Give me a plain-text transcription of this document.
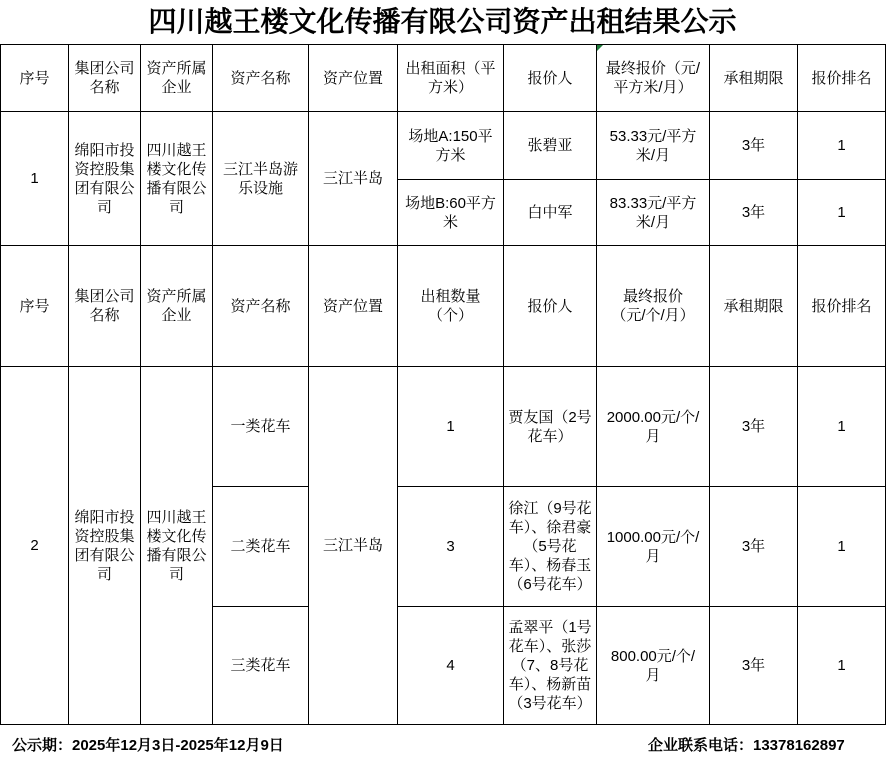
四川越王楼文化传播有限公司资产出租结果公示
序号	集团公司名称	资产所属企业	资产名称	资产位置	出租面积（平方米）	报价人	最终报价（元/平方米/月）	承租期限	报价排名
1	绵阳市投资控股集团有限公司	四川越王楼文化传播有限公司	三江半岛游乐设施	三江半岛	场地A:150平方米	张碧亚	53.33元/平方米/月	3年	1
					场地B:60平方米	白中军	83.33元/平方米/月	3年	1
序号	集团公司名称	资产所属企业	资产名称	资产位置	出租数量（个）	报价人	最终报价（元/个/月）	承租期限	报价排名
2	绵阳市投资控股集团有限公司	四川越王楼文化传播有限公司	一类花车	三江半岛	1	贾友国（2号花车）	2000.00元/个/月	3年	1
			二类花车		3	徐江（9号花车）、徐君豪（5号花车）、杨春玉（6号花车）	1000.00元/个/月	3年	1
			三类花车		4	孟翠平（1号花车）、张莎（7、8号花车）、杨新苗（3号花车）	800.00元/个/月	3年	1
公示期：2025年12月3日-2025年12月9日	企业联系电话：13378162897
